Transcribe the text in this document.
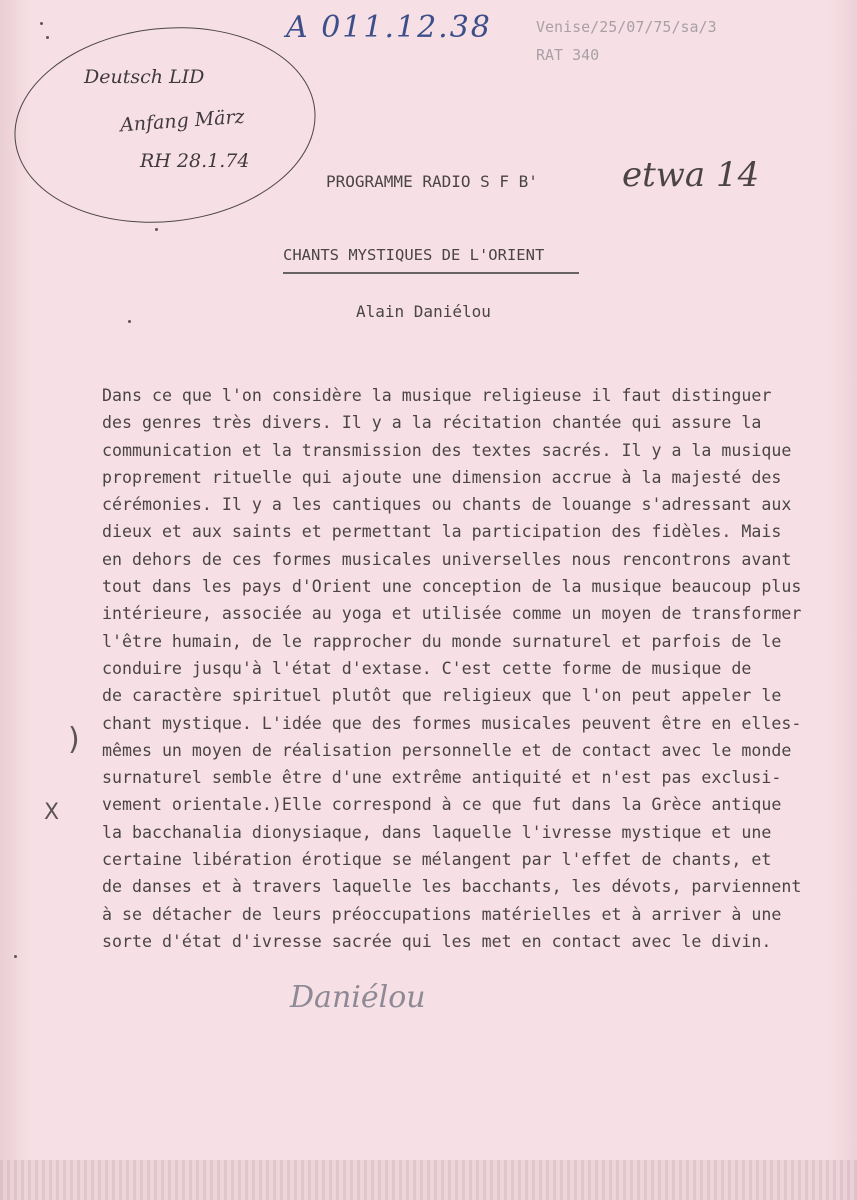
Venise/25/07/75/sa/3
RAT 340
A 011.12.38
Deutsch LID
Anfang März
RH 28.1.74
PROGRAMME RADIO S F B' etwa 14
CHANTS MYSTIQUES DE L'ORIENT
Alain Daniélou
Dans ce que l'on considère la musique religieuse il faut distinguer
des genres très divers. Il y a la récitation chantée qui assure la
communication et la transmission des textes sacrés. Il y a la musique
proprement rituelle qui ajoute une dimension accrue à la majesté des
cérémonies. Il y a les cantiques ou chants de louange s'adressant aux
dieux et aux saints et permettant la participation des fidèles. Mais
en dehors de ces formes musicales universelles nous rencontrons avant
tout dans les pays d'Orient une conception de la musique beaucoup plus
intérieure, associée au yoga et utilisée comme un moyen de transformer
l'être humain, de le rapprocher du monde surnaturel et parfois de le
conduire jusqu'à l'état d'extase. C'est cette forme de musique de
de caractère spirituel plutôt que religieux que l'on peut appeler le
chant mystique. L'idée que des formes musicales peuvent être en elles-
mêmes un moyen de réalisation personnelle et de contact avec le monde
surnaturel semble être d'une extrême antiquité et n'est pas exclusi-
vement orientale.)Elle correspond à ce que fut dans la Grèce antique
la bacchanalia dionysiaque, dans laquelle l'ivresse mystique et une
certaine libération érotique se mélangent par l'effet de chants, et
de danses et à travers laquelle les bacchants, les dévots, parviennent
à se détacher de leurs préoccupations matérielles et à arriver à une
sorte d'état d'ivresse sacrée qui les met en contact avec le divin.
)
X
Daniélou
